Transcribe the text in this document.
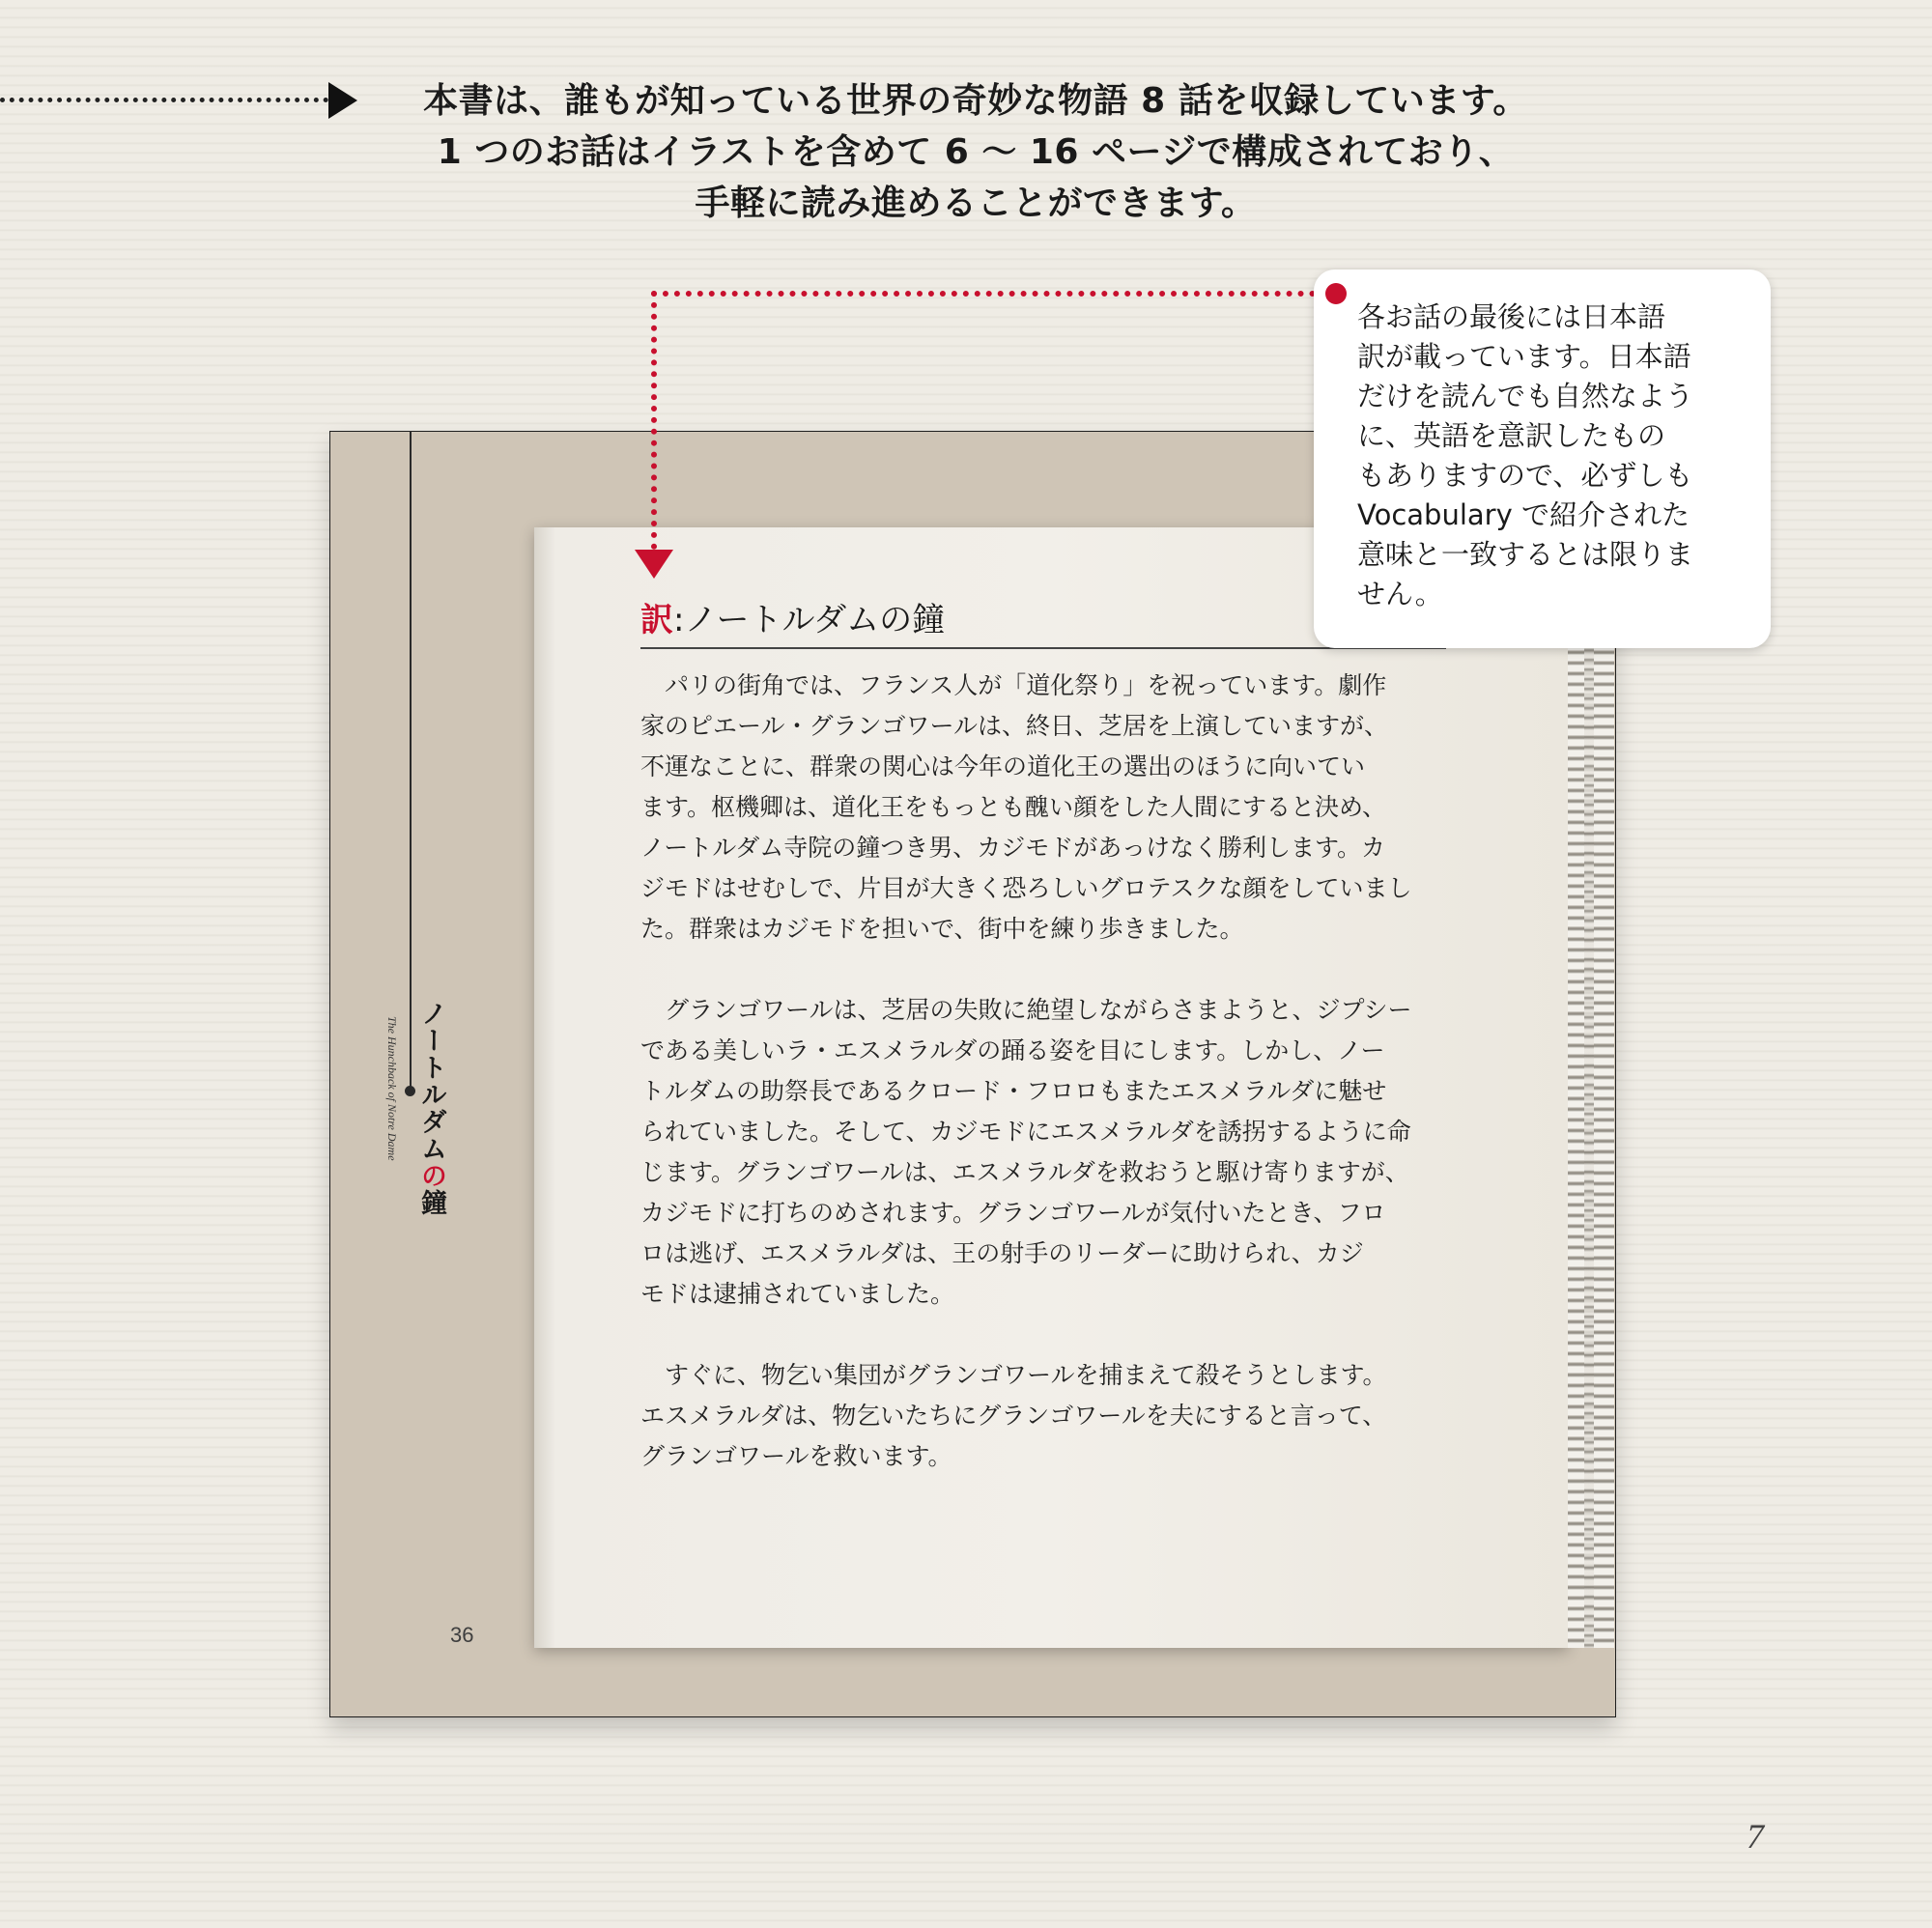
本書は、誰もが知っている世界の奇妙な物語 8 話を収録しています。
1 つのお話はイラストを含めて 6 ～ 16 ページで構成されており、
手軽に読み進めることができます。
ノートルダムの鐘
The Hunchback of Notre Dame
36
訳:ノートルダムの鐘
　パリの街角では、フランス人が「道化祭り」を祝っています。劇作
家のピエール・グランゴワールは、終日、芝居を上演していますが、
不運なことに、群衆の関心は今年の道化王の選出のほうに向いてい
ます。枢機卿は、道化王をもっとも醜い顔をした人間にすると決め、
ノートルダム寺院の鐘つき男、カジモドがあっけなく勝利します。カ
ジモドはせむしで、片目が大きく恐ろしいグロテスクな顔をしていまし
た。群衆はカジモドを担いで、街中を練り歩きました。
　グランゴワールは、芝居の失敗に絶望しながらさまようと、ジプシー
である美しいラ・エスメラルダの踊る姿を目にします。しかし、ノー
トルダムの助祭長であるクロード・フロロもまたエスメラルダに魅せ
られていました。そして、カジモドにエスメラルダを誘拐するように命
じます。グランゴワールは、エスメラルダを救おうと駆け寄りますが、
カジモドに打ちのめされます。グランゴワールが気付いたとき、フロ
ロは逃げ、エスメラルダは、王の射手のリーダーに助けられ、カジ
モドは逮捕されていました。
　すぐに、物乞い集団がグランゴワールを捕まえて殺そうとします。
エスメラルダは、物乞いたちにグランゴワールを夫にすると言って、
グランゴワールを救います。
各お話の最後には日本語
訳が載っています。日本語
だけを読んでも自然なよう
に、英語を意訳したもの
もありますので、必ずしも
Vocabulary で紹介された
意味と一致するとは限りま
せん。
7
